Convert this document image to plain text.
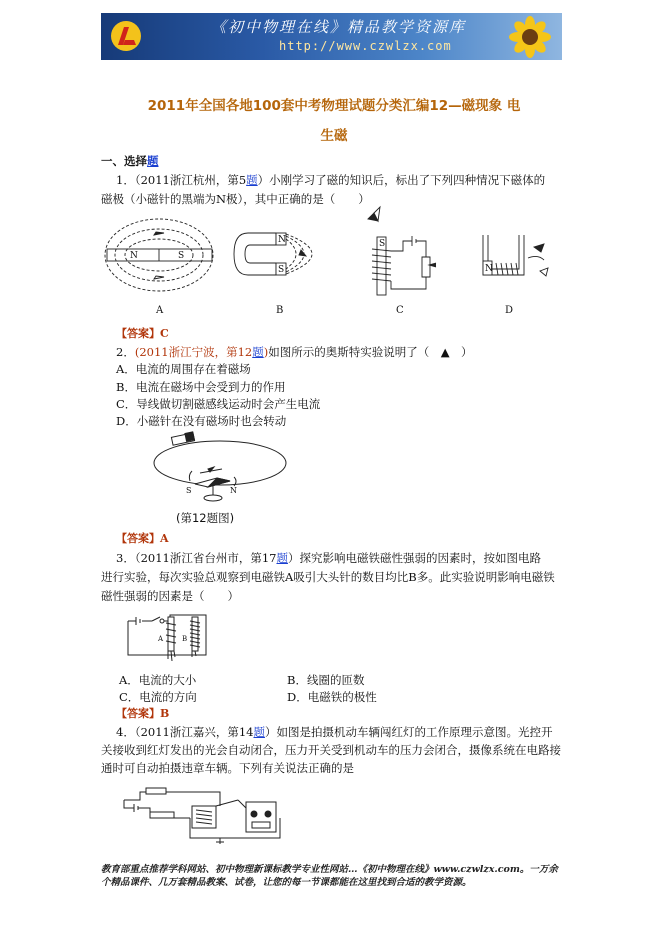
《初中物理在线》精品教学资源库
http://www.czwlzx.com
2011年全国各地100套中考物理试题分类汇编12—磁现象 电
生磁
一、选择题
1．（2011浙江杭州，第5题）小刚学习了磁的知识后，标出了下列四种情况下磁体的
磁极（小磁针的黑端为N极），其中正确的是（　　）
N	S
N
S
S
N
A	B	C	D
【答案】C
2．(2011浙江宁波，第12题)如图所示的奥斯特实验说明了（　▲　）
A．电流的周围存在着磁场
B．电流在磁场中会受到力的作用
C．导线做切割磁感线运动时会产生电流
D．小磁针在没有磁场时也会转动
S	N
(第12题图)
【答案】A
3．（2011浙江省台州市，第17题）探究影响电磁铁磁性强弱的因素时，按如图电路
进行实验，每次实验总观察到电磁铁A吸引大头针的数目均比B多。此实验说明影响电磁铁
磁性强弱的因素是（　　）
A	B
A．电流的大小	B．线圈的匝数
C．电流的方向	D．电磁铁的极性
【答案】B
4．（2011浙江嘉兴，第14题）如图是拍摄机动车辆闯红灯的工作原理示意图。光控开
关接收到红灯发出的光会自动闭合，压力开关受到机动车的压力会闭合，摄像系统在电路接
通时可自动拍摄违章车辆。下列有关说法正确的是
教育部重点推荐学科网站、初中物理新课标教学专业性网站…《初中物理在线》www.czwlzx.com。一万余
个精品课件、几万套精品教案、试卷，让您的每一节课都能在这里找到合适的教学资源。
